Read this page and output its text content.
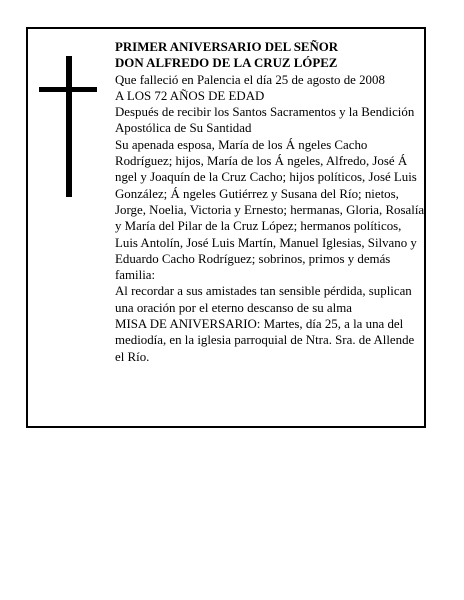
PRIMER ANIVERSARIO DEL SEÑOR

DON ALFREDO DE LA CRUZ LÓPEZ

Que falleció en Palencia el día 25 de agosto de 2008

A LOS 72 AÑOS DE EDAD

Después de recibir los Santos Sacramentos y la Bendición Apostólica de Su Santidad

Su apenada esposa, María de los Á ngeles Cacho Rodríguez; hijos, María de los Á ngeles, Alfredo, José Á ngel y Joaquín de la Cruz Cacho; hijos políticos, José Luis González; Á ngeles Gutiérrez y Susana del Río; nietos, Jorge, Noelia, Victoria y Ernesto; hermanas, Gloria, Rosalía y María del Pilar de la Cruz López; hermanos políticos, Luis Antolín, José Luis Martín, Manuel Iglesias, Silvano y Eduardo Cacho Rodríguez; sobrinos, primos y demás familia:

Al recordar a sus amistades tan sensible pérdida, suplican una oración por el eterno descanso de su alma

MISA DE ANIVERSARIO: Martes, día 25, a la una del mediodía, en la iglesia parroquial de Ntra. Sra. de Allende el Río.
